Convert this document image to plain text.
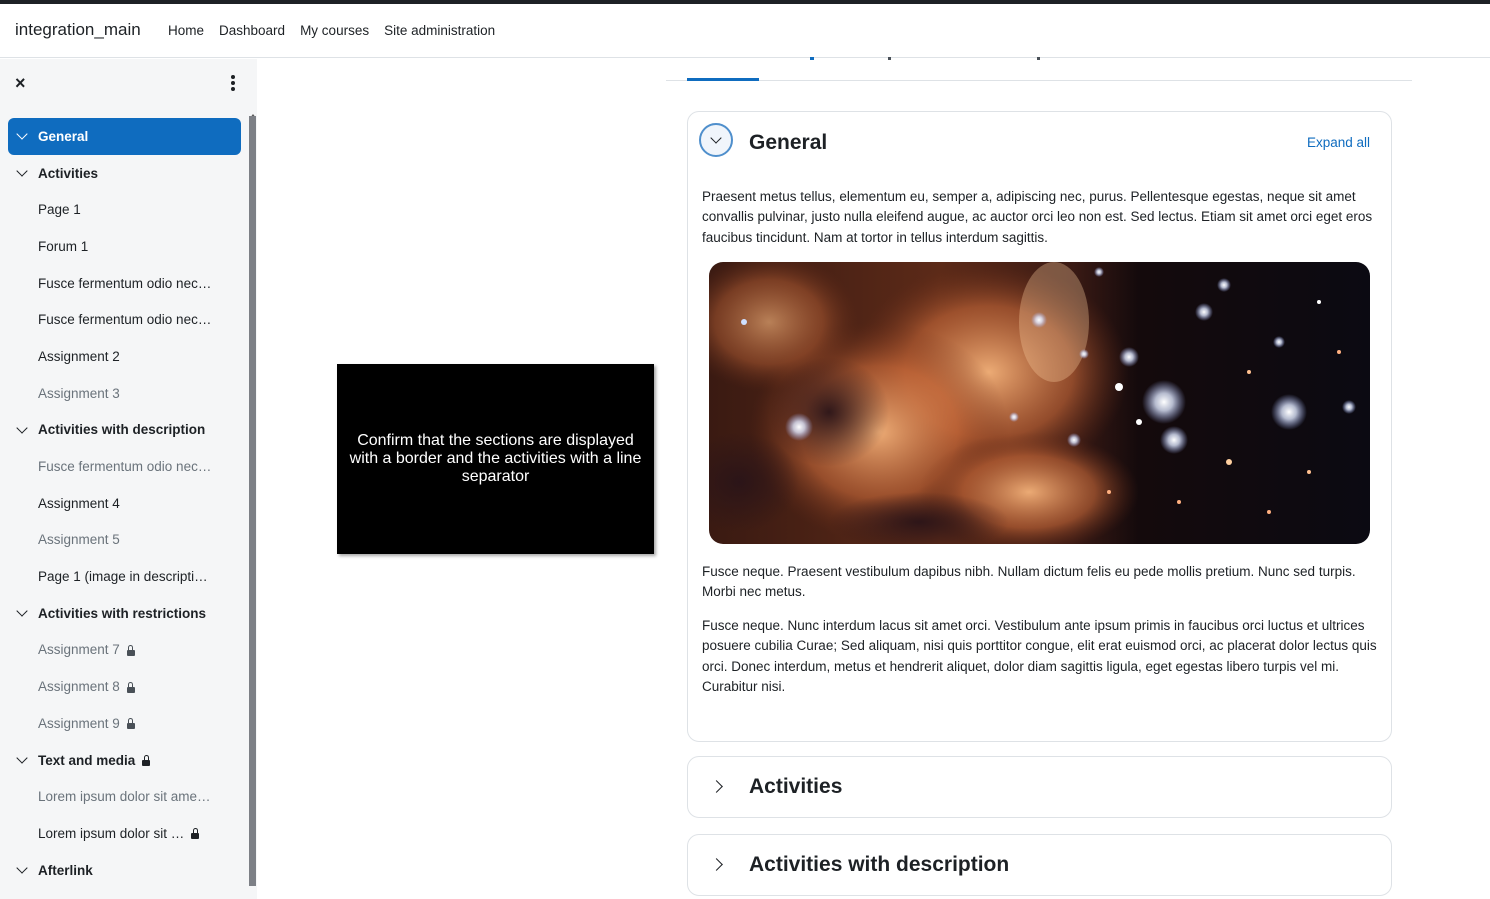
integration_main Home Dashboard My courses Site administration
×
General
Activities
Page 1
Forum 1
Fusce fermentum odio nec…
Fusce fermentum odio nec…
Assignment 2
Assignment 3
Activities with description
Fusce fermentum odio nec…
Assignment 4
Assignment 5
Page 1 (image in descripti…
Activities with restrictions
Assignment 7
Assignment 8
Assignment 9
Text and media
Lorem ipsum dolor sit ame…
Lorem ipsum dolor sit …
Afterlink
Confirm that the sections are displayed with a border and the activities with a line separator
General	Expand all

Praesent metus tellus, elementum eu, semper a, adipiscing nec, purus. Pellentesque egestas, neque sit amet convallis pulvinar, justo nulla eleifend augue, ac auctor orci leo non est. Sed lectus. Etiam sit amet orci eget eros faucibus tincidunt. Nam at tortor in tellus interdum sagittis.

Fusce neque. Praesent vestibulum dapibus nibh. Nullam dictum felis eu pede mollis pretium. Nunc sed turpis. Morbi nec metus.

Fusce neque. Nunc interdum lacus sit amet orci. Vestibulum ante ipsum primis in faucibus orci luctus et ultrices posuere cubilia Curae; Sed aliquam, nisi quis porttitor congue, elit erat euismod orci, ac placerat dolor lectus quis orci. Donec interdum, metus et hendrerit aliquet, dolor diam sagittis ligula, eget egestas libero turpis vel mi. Curabitur nisi.

Activities
Activities with description
